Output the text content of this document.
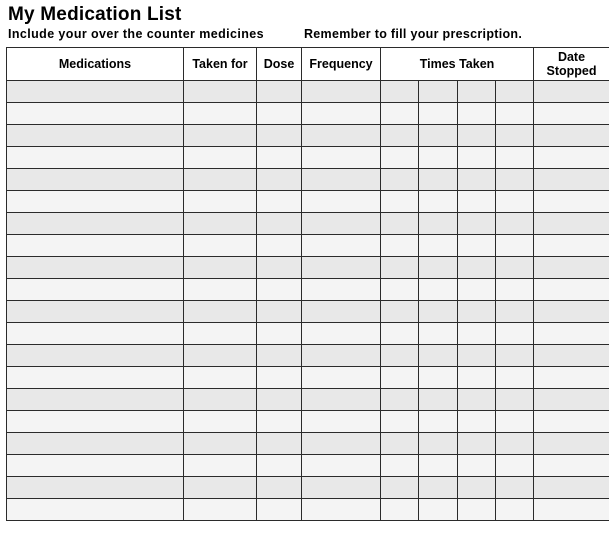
My Medication List
Include your over the counter medicines	Remember to fill your prescription.
Medications	Taken for	Dose	Frequency	Times Taken				Date
Stopped
